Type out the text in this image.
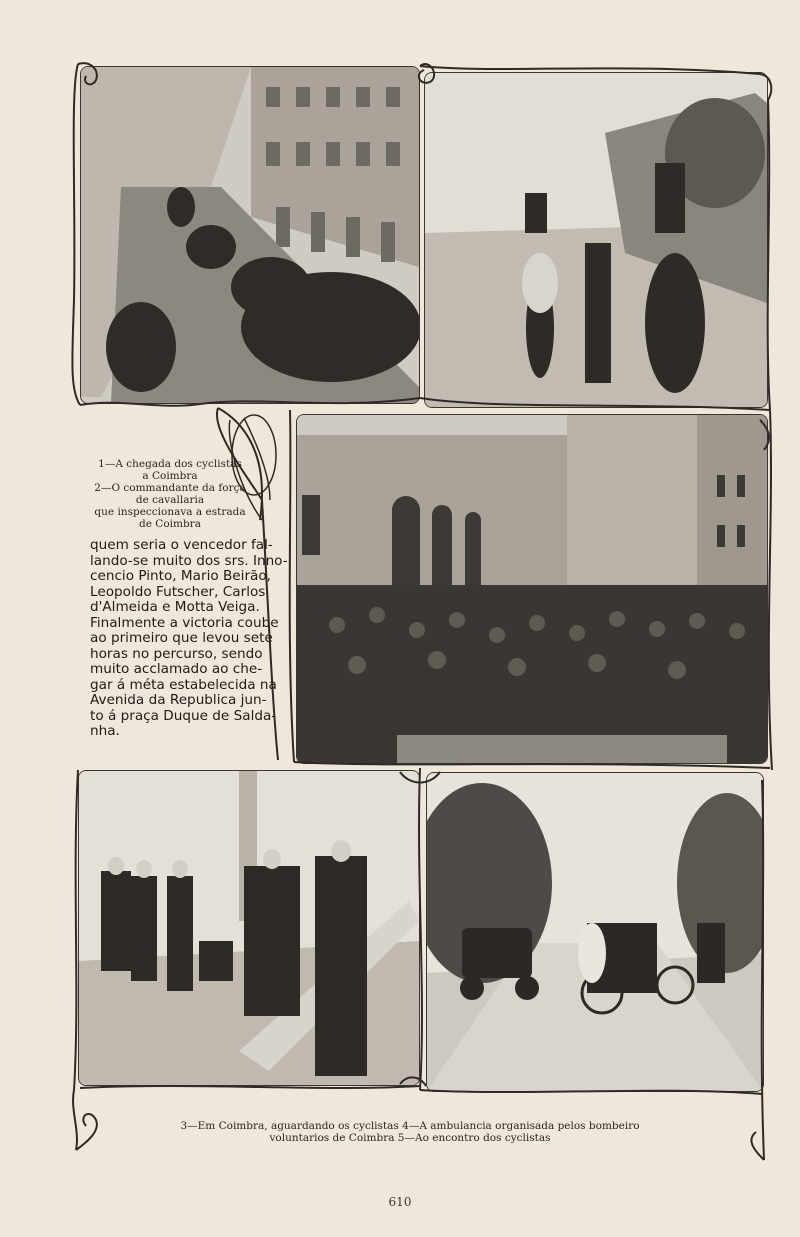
1—A chegada dos cyclistas
a Coimbra
2—O commandante da força
de cavallaria
que inspeccionava a estrada
de Coimbra
quem seria o vencedor fal-
lando-se muito dos srs. Inno-
cencio Pinto, Mario Beirão,
Leopoldo Futscher, Carlos
d'Almeida e Motta Veiga.
Finalmente a victoria coube
ao primeiro que levou sete
horas no percurso, sendo
muito acclamado ao che-
gar á méta estabelecida na
Avenida da Republica jun-
to á praça Duque de Salda-
nha.
3—Em Coimbra, aguardando os cyclistas 4—A ambulancia organisada pelos bombeiro
voluntarios de Coimbra 5—Ao encontro dos cyclistas
610
